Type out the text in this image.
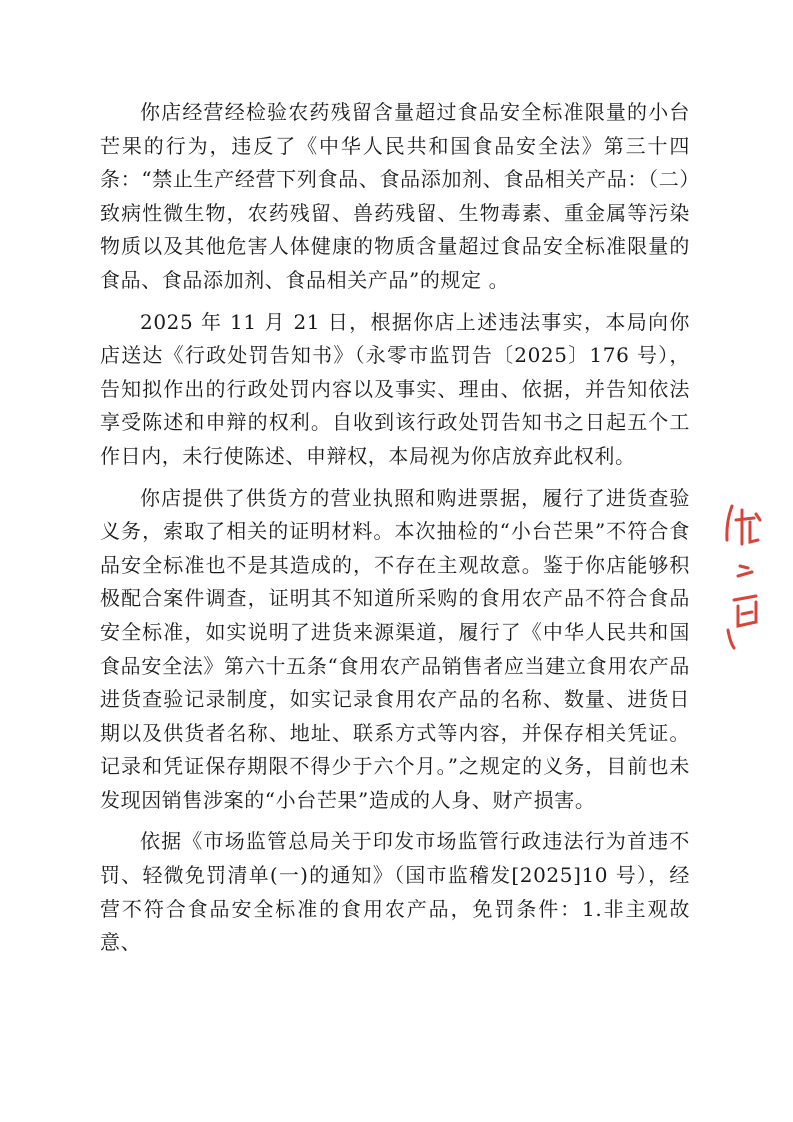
你店经营经检验农药残留含量超过食品安全标准限量的小台芒果的行为，违反了《中华人民共和国食品安全法》第三十四条：“禁止生产经营下列食品、食品添加剂、食品相关产品：（二）致病性微生物，农药残留、兽药残留、生物毒素、重金属等污染物质以及其他危害人体健康的物质含量超过食品安全标准限量的食品、食品添加剂、食品相关产品”的规定 。

2025 年 11 月 21 日，根据你店上述违法事实，本局向你店送达《行政处罚告知书》（永零市监罚告〔2025〕176 号），告知拟作出的行政处罚内容以及事实、理由、依据，并告知依法享受陈述和申辩的权利。自收到该行政处罚告知书之日起五个工作日内，未行使陈述、申辩权，本局视为你店放弃此权利。

你店提供了供货方的营业执照和购进票据，履行了进货查验义务，索取了相关的证明材料。本次抽检的“小台芒果”不符合食品安全标准也不是其造成的，不存在主观故意。鉴于你店能够积极配合案件调查，证明其不知道所采购的食用农产品不符合食品安全标准，如实说明了进货来源渠道，履行了《中华人民共和国食品安全法》第六十五条“食用农产品销售者应当建立食用农产品进货查验记录制度，如实记录食用农产品的名称、数量、进货日期以及供货者名称、地址、联系方式等内容，并保存相关凭证。记录和凭证保存期限不得少于六个月。”之规定的义务，目前也未发现因销售涉案的“小台芒果”造成的人身、财产损害。

依据《市场监管总局关于印发市场监管行政违法行为首违不罚、轻微免罚清单(一)的通知》（国市监稽发[2025]10 号），经营不符合食品安全标准的食用农产品，免罚条件：1.非主观故意、
